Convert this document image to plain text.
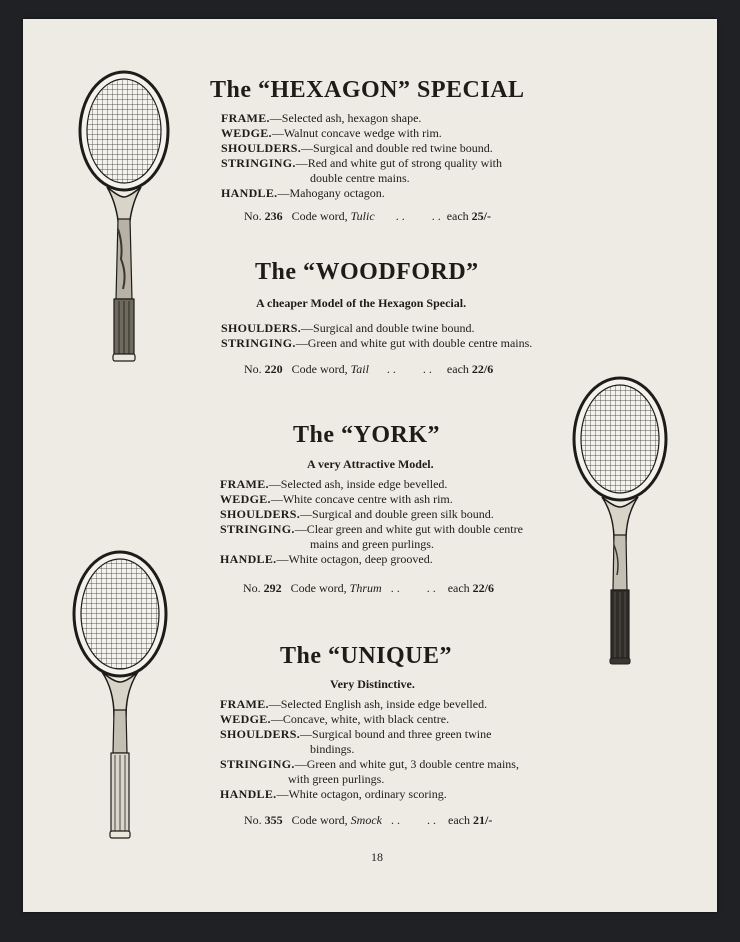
The “HEXAGON” SPECIAL
FRAME.—Selected ash, hexagon shape.
WEDGE.—Walnut concave wedge with rim.
SHOULDERS.—Surgical and double red twine bound.
STRINGING.—Red and white gut of strong quality with
double centre mains.
HANDLE.—Mahogany octagon.
No. 236 Code word, Tulic .. .. each 25/-
The “WOODFORD”
A cheaper Model of the Hexagon Special.
SHOULDERS.—Surgical and double twine bound.
STRINGING.—Green and white gut with double centre mains.
No. 220 Code word, Tail .. .. each 22/6
The “YORK”
A very Attractive Model.
FRAME.—Selected ash, inside edge bevelled.
WEDGE.—White concave centre with ash rim.
SHOULDERS.—Surgical and double green silk bound.
STRINGING.—Clear green and white gut with double centre
mains and green purlings.
HANDLE.—White octagon, deep grooved.
No. 292 Code word, Thrum .. .. each 22/6
The “UNIQUE”
Very Distinctive.
FRAME.—Selected English ash, inside edge bevelled.
WEDGE.—Concave, white, with black centre.
SHOULDERS.—Surgical bound and three green twine
bindings.
STRINGING.—Green and white gut, 3 double centre mains,
with green purlings.
HANDLE.—White octagon, ordinary scoring.
No. 355 Code word, Smock .. .. each 21/-
18
